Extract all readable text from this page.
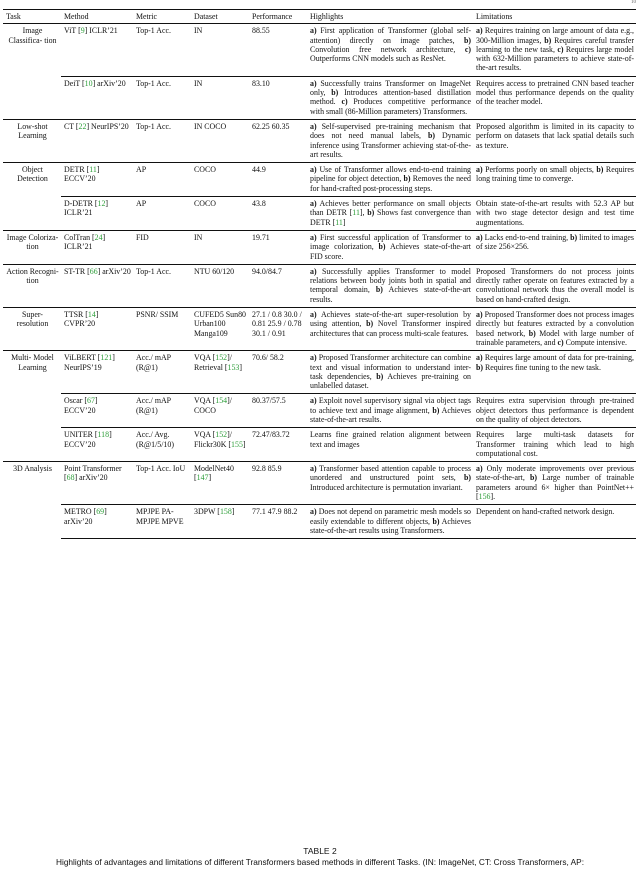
10
Task	Method	Metric	Dataset	Performance	Highlights	Limitations
Image Classifica- tion	ViT [9] ICLR’21	Top-1 Acc.	IN	88.55	a) First application of Transformer (global self-attention) directly on image patches, b) Convolution free network architecture, c) Outperforms CNN models such as ResNet.	a) Requires training on large amount of data e.g., 300-Million images, b) Requires careful transfer learning to the new task, c) Requires large model with 632-Million parameters to achieve state-of-the-art results.
	DeiT [10] arXiv’20	Top-1 Acc.	IN	83.10	a) Successfully trains Transformer on ImageNet only, b) Introduces attention-based distillation method. c) Produces competitive performance with small (86-Million parameters) Transformers.	Requires access to pretrained CNN based teacher model thus performance depends on the quality of the teacher model.
Low-shot Learning	CT [22] NeurIPS’20	Top-1 Acc.	IN COCO	62.25 60.35	a) Self-supervised pre-training mechanism that does not need manual labels, b) Dynamic inference using Transformer achieving stat-of-the-art results.	Proposed algorithm is limited in its capacity to perform on datasets that lack spatial details such as texture.
Object Detection	DETR [11] ECCV’20	AP	COCO	44.9	a) Use of Transformer allows end-to-end training pipeline for object detection, b) Removes the need for hand-crafted post-processing steps.	a) Performs poorly on small objects, b) Requires long training time to converge.
	D-DETR [12] ICLR’21	AP	COCO	43.8	a) Achieves better performance on small objects than DETR [11], b) Shows fast convergence than DETR [11]	Obtain state-of-the-art results with 52.3 AP but with two stage detector design and test time augmentations.
Image Coloriza- tion	ColTran [24] ICLR’21	FID	IN	19.71	a) First successful application of Transformer to image colorization, b) Achieves state-of-the-art FID score.	a) Lacks end-to-end training, b) limited to images of size 256×256.
Action Recogni- tion	ST-TR [66] arXiv’20	Top-1 Acc.	NTU 60/120	94.0/84.7	a) Successfully applies Transformer to model relations between body joints both in spatial and temporal domain, b) Achieves state-of-the-art results.	Proposed Transformers do not process joints directly rather operate on features extracted by a convolutional network thus the overall model is based on hand-crafted design.
Super- resolution	TTSR [14] CVPR’20	PSNR/ SSIM	CUFED5 Sun80 Urban100 Manga109	27.1 / 0.8 30.0 / 0.81 25.9 / 0.78 30.1 / 0.91	a) Achieves state-of-the-art super-resolution by using attention, b) Novel Transformer inspired architectures that can process multi-scale features.	a) Proposed Transformer does not process images directly but features extracted by a convolution based network, b) Model with large number of trainable parameters, and c) Compute intensive.
Multi- Model Learning	ViLBERT [121] NeurIPS’19	Acc./ mAP (R@1)	VQA [152]/ Retrieval [153]	70.6/ 58.2	a) Proposed Transformer architecture can combine text and visual information to understand inter-task dependencies, b) Achieves pre-training on unlabelled dataset.	a) Requires large amount of data for pre-training, b) Requires fine tuning to the new task.
	Oscar [67] ECCV’20	Acc./ mAP (R@1)	VQA [154]/ COCO	80.37/57.5	a) Exploit novel supervisory signal via object tags to achieve text and image alignment, b) Achieves state-of-the-art results.	Requires extra supervision through pre-trained object detectors thus performance is dependent on the quality of object detectors.
	UNITER [118] ECCV’20	Acc./ Avg. (R@1/5/10)	VQA [152]/ Flickr30K [155]	72.47/83.72	Learns fine grained relation alignment between text and images	Requires large multi-task datasets for Transformer training which lead to high computational cost.
3D Analysis	Point Transformer [68] arXiv’20	Top-1 Acc. IoU	ModelNet40 [147]	92.8 85.9	a) Transformer based attention capable to process unordered and unstructured point sets, b) Introduced architecture is permutation invariant.	a) Only moderate improvements over previous state-of-the-art, b) Large number of trainable parameters around 6× higher than PointNet++ [156].
	METRO [69] arXiv’20	MPJPE PA-MPJPE MPVE	3DPW [158]	77.1 47.9 88.2	a) Does not depend on parametric mesh models so easily extendable to different objects, b) Achieves state-of-the-art results using Transformers.	Dependent on hand-crafted network design.
TABLE 2
Highlights of advantages and limitations of different Transformers based methods in different Tasks. (IN: ImageNet, CT: Cross Transformers, AP:
